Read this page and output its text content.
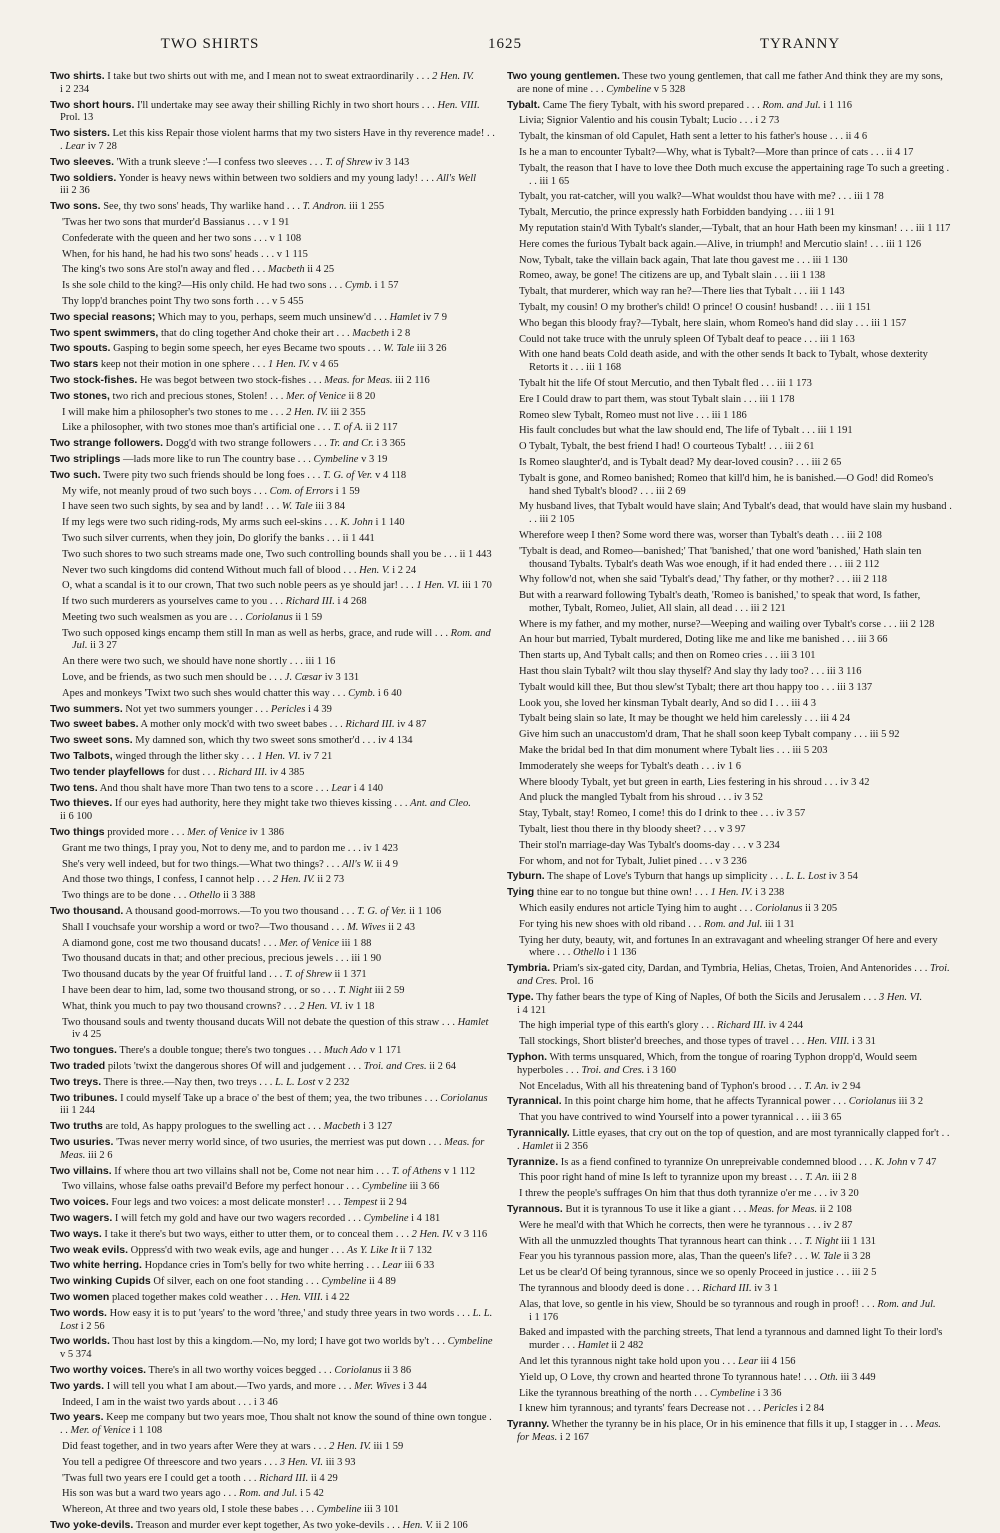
TWO SHIRTS	1625	TYRANNY
Two shirts. I take but two shirts out with me, and I mean not to sweat extraordinarily . . . 2 Hen. IV. i 2 234
Two short hours. I'll undertake may see away their shilling Richly in two short hours . . . Hen. VIII. Prol. 13
Two sisters. Let this kiss Repair those violent harms that my two sisters Have in thy reverence made! . . . Lear iv 7 28
Two sleeves. 'With a trunk sleeve :'—I confess two sleeves . . . T. of Shrew iv 3 143
Two soldiers. Yonder is heavy news within between two soldiers and my young lady! . . . All's Well iii 2 36
Two sons. See, thy two sons' heads, Thy warlike hand . . . T. Andron. iii 1 255
'Twas her two sons that murder'd Bassianus . . . v 1 91
Confederate with the queen and her two sons . . . v 1 108
When, for his hand, he had his two sons' heads . . . v 1 115
The king's two sons Are stol'n away and fled . . . Macbeth ii 4 25
Is she sole child to the king?—His only child. He had two sons . . . Cymb. i 1 57
Thy lopp'd branches point Thy two sons forth . . . v 5 455
Two special reasons; Which may to you, perhaps, seem much unsinew'd . . . Hamlet iv 7 9
Two spent swimmers, that do cling together And choke their art . . . Macbeth i 2 8
Two spouts. Gasping to begin some speech, her eyes Became two spouts . . . W. Tale iii 3 26
Two stars keep not their motion in one sphere . . . 1 Hen. IV. v 4 65
Two stock-fishes. He was begot between two stock-fishes . . . Meas. for Meas. iii 2 116
Two stones, two rich and precious stones, Stolen! . . . Mer. of Venice ii 8 20
I will make him a philosopher's two stones to me . . . 2 Hen. IV. iii 2 355
Like a philosopher, with two stones moe than's artificial one . . . T. of A. ii 2 117
Two strange followers. Dogg'd with two strange followers . . . Tr. and Cr. i 3 365
Two striplings —lads more like to run The country base . . . Cymbeline v 3 19
Two such. Twere pity two such friends should be long foes . . . T. G. of Ver. v 4 118
My wife, not meanly proud of two such boys . . . Com. of Errors i 1 59
I have seen two such sights, by sea and by land! . . . W. Tale iii 3 84
If my legs were two such riding-rods, My arms such eel-skins . . . K. John i 1 140
Two such silver currents, when they join, Do glorify the banks . . . ii 1 441
Two such shores to two such streams made one, Two such controlling bounds shall you be . . . ii 1 443
Never two such kingdoms did contend Without much fall of blood . . . Hen. V. i 2 24
O, what a scandal is it to our crown, That two such noble peers as ye should jar! . . . 1 Hen. VI. iii 1 70
If two such murderers as yourselves came to you . . . Richard III. i 4 268
Meeting two such wealsmen as you are . . . Coriolanus ii 1 59
Two such opposed kings encamp them still In man as well as herbs, grace, and rude will . . . Rom. and Jul. ii 3 27
An there were two such, we should have none shortly . . . iii 1 16
Love, and be friends, as two such men should be . . . J. Cæsar iv 3 131
Apes and monkeys 'Twixt two such shes would chatter this way . . . Cymb. i 6 40
Two summers. Not yet two summers younger . . . Pericles i 4 39
Two sweet babes. A mother only mock'd with two sweet babes . . . Richard III. iv 4 87
Two sweet sons. My damned son, which thy two sweet sons smother'd . . . iv 4 134
Two Talbots, winged through the lither sky . . . 1 Hen. VI. iv 7 21
Two tender playfellows for dust . . . Richard III. iv 4 385
Two tens. And thou shalt have more Than two tens to a score . . . Lear i 4 140
Two thieves. If our eyes had authority, here they might take two thieves kissing . . . Ant. and Cleo. ii 6 100
Two things provided more . . . Mer. of Venice iv 1 386
Grant me two things, I pray you, Not to deny me, and to pardon me . . . iv 1 423
She's very well indeed, but for two things.—What two things? . . . All's W. ii 4 9
And those two things, I confess, I cannot help . . . 2 Hen. IV. ii 2 73
Two things are to be done . . . Othello ii 3 388
Two thousand. A thousand good-morrows.—To you two thousand . . . T. G. of Ver. ii 1 106
Shall I vouchsafe your worship a word or two?—Two thousand . . . M. Wives ii 2 43
A diamond gone, cost me two thousand ducats! . . . Mer. of Venice iii 1 88
Two thousand ducats in that; and other precious, precious jewels . . . iii 1 90
Two thousand ducats by the year Of fruitful land . . . T. of Shrew ii 1 371
I have been dear to him, lad, some two thousand strong, or so . . . T. Night iii 2 59
What, think you much to pay two thousand crowns? . . . 2 Hen. VI. iv 1 18
Two thousand souls and twenty thousand ducats Will not debate the question of this straw . . . Hamlet iv 4 25
Two tongues. There's a double tongue; there's two tongues . . . Much Ado v 1 171
Two traded pilots 'twixt the dangerous shores Of will and judgement . . . Troi. and Cres. ii 2 64
Two treys. There is three.—Nay then, two treys . . . L. L. Lost v 2 232
Two tribunes. I could myself Take up a brace o' the best of them; yea, the two tribunes . . . Coriolanus iii 1 244
Two truths are told, As happy prologues to the swelling act . . . Macbeth i 3 127
Two usuries. 'Twas never merry world since, of two usuries, the merriest was put down . . . Meas. for Meas. iii 2 6
Two villains. If where thou art two villains shall not be, Come not near him . . . T. of Athens v 1 112
Two villains, whose false oaths prevail'd Before my perfect honour . . . Cymbeline iii 3 66
Two voices. Four legs and two voices: a most delicate monster! . . . Tempest ii 2 94
Two wagers. I will fetch my gold and have our two wagers recorded . . . Cymbeline i 4 181
Two ways. I take it there's but two ways, either to utter them, or to conceal them . . . 2 Hen. IV. v 3 116
Two weak evils. Oppress'd with two weak evils, age and hunger . . . As Y. Like It ii 7 132
Two white herring. Hopdance cries in Tom's belly for two white herring . . . Lear iii 6 33
Two winking Cupids Of silver, each on one foot standing . . . Cymbeline ii 4 89
Two women placed together makes cold weather . . . Hen. VIII. i 4 22
Two words. How easy it is to put 'years' to the word 'three,' and study three years in two words . . . L. L. Lost i 2 56
Two worlds. Thou hast lost by this a kingdom.—No, my lord; I have got two worlds by't . . . Cymbeline v 5 374
Two worthy voices. There's in all two worthy voices begged . . . Coriolanus ii 3 86
Two yards. I will tell you what I am about.—Two yards, and more . . . Mer. Wives i 3 44
Indeed, I am in the waist two yards about . . . i 3 46
Two years. Keep me company but two years moe, Thou shalt not know the sound of thine own tongue . . . Mer. of Venice i 1 108
Did feast together, and in two years after Were they at wars . . . 2 Hen. IV. iii 1 59
You tell a pedigree Of threescore and two years . . . 3 Hen. VI. iii 3 93
'Twas full two years ere I could get a tooth . . . Richard III. ii 4 29
His son was but a ward two years ago . . . Rom. and Jul. i 5 42
Whereon, At three and two years old, I stole these babes . . . Cymbeline iii 3 101
Two yoke-devils. Treason and murder ever kept together, As two yoke-devils . . . Hen. V. ii 2 106
Two young gentlemen. These two young gentlemen, that call me father And think they are my sons, are none of mine . . . Cymbeline v 5 328
Tybalt. Came The fiery Tybalt, with his sword prepared . . . Rom. and Jul. i 1 116
Livia; Signior Valentio and his cousin Tybalt; Lucio . . . i 2 73
Tybalt, the kinsman of old Capulet, Hath sent a letter to his father's house . . . ii 4 6
Is he a man to encounter Tybalt?—Why, what is Tybalt?—More than prince of cats . . . ii 4 17
Tybalt, the reason that I have to love thee Doth much excuse the appertaining rage To such a greeting . . . iii 1 65
Tybalt, you rat-catcher, will you walk?—What wouldst thou have with me? . . . iii 1 78
Tybalt, Mercutio, the prince expressly hath Forbidden bandying . . . iii 1 91
My reputation stain'd With Tybalt's slander,—Tybalt, that an hour Hath been my kinsman! . . . iii 1 117
Here comes the furious Tybalt back again.—Alive, in triumph! and Mercutio slain! . . . iii 1 126
Now, Tybalt, take the villain back again, That late thou gavest me . . . iii 1 130
Romeo, away, be gone! The citizens are up, and Tybalt slain . . . iii 1 138
Tybalt, that murderer, which way ran he?—There lies that Tybalt . . . iii 1 143
Tybalt, my cousin! O my brother's child! O prince! O cousin! husband! . . . iii 1 151
Who began this bloody fray?—Tybalt, here slain, whom Romeo's hand did slay . . . iii 1 157
Could not take truce with the unruly spleen Of Tybalt deaf to peace . . . iii 1 163
With one hand beats Cold death aside, and with the other sends It back to Tybalt, whose dexterity Retorts it . . . iii 1 168
Tybalt hit the life Of stout Mercutio, and then Tybalt fled . . . iii 1 173
Ere I Could draw to part them, was stout Tybalt slain . . . iii 1 178
Romeo slew Tybalt, Romeo must not live . . . iii 1 186
His fault concludes but what the law should end, The life of Tybalt . . . iii 1 191
O Tybalt, Tybalt, the best friend I had! O courteous Tybalt! . . . iii 2 61
Is Romeo slaughter'd, and is Tybalt dead? My dear-loved cousin? . . . iii 2 65
Tybalt is gone, and Romeo banished; Romeo that kill'd him, he is banished.—O God! did Romeo's hand shed Tybalt's blood? . . . iii 2 69
My husband lives, that Tybalt would have slain; And Tybalt's dead, that would have slain my husband . . . iii 2 105
Wherefore weep I then? Some word there was, worser than Tybalt's death . . . iii 2 108
'Tybalt is dead, and Romeo—banished;' That 'banished,' that one word 'banished,' Hath slain ten thousand Tybalts. Tybalt's death Was woe enough, if it had ended there . . . iii 2 112
Why follow'd not, when she said 'Tybalt's dead,' Thy father, or thy mother? . . . iii 2 118
But with a rearward following Tybalt's death, 'Romeo is banished,' to speak that word, Is father, mother, Tybalt, Romeo, Juliet, All slain, all dead . . . iii 2 121
Where is my father, and my mother, nurse?—Weeping and wailing over Tybalt's corse . . . iii 2 128
An hour but married, Tybalt murdered, Doting like me and like me banished . . . iii 3 66
Then starts up, And Tybalt calls; and then on Romeo cries . . . iii 3 101
Hast thou slain Tybalt? wilt thou slay thyself? And slay thy lady too? . . . iii 3 116
Tybalt would kill thee, But thou slew'st Tybalt; there art thou happy too . . . iii 3 137
Look you, she loved her kinsman Tybalt dearly, And so did I . . . iii 4 3
Tybalt being slain so late, It may be thought we held him carelessly . . . iii 4 24
Give him such an unaccustom'd dram, That he shall soon keep Tybalt company . . . iii 5 92
Make the bridal bed In that dim monument where Tybalt lies . . . iii 5 203
Immoderately she weeps for Tybalt's death . . . iv 1 6
Where bloody Tybalt, yet but green in earth, Lies festering in his shroud . . . iv 3 42
And pluck the mangled Tybalt from his shroud . . . iv 3 52
Stay, Tybalt, stay! Romeo, I come! this do I drink to thee . . . iv 3 57
Tybalt, liest thou there in thy bloody sheet? . . . v 3 97
Their stol'n marriage-day Was Tybalt's dooms-day . . . v 3 234
For whom, and not for Tybalt, Juliet pined . . . v 3 236
Tyburn. The shape of Love's Tyburn that hangs up simplicity . . . L. L. Lost iv 3 54
Tying thine ear to no tongue but thine own! . . . 1 Hen. IV. i 3 238
Which easily endures not article Tying him to aught . . . Coriolanus ii 3 205
For tying his new shoes with old riband . . . Rom. and Jul. iii 1 31
Tying her duty, beauty, wit, and fortunes In an extravagant and wheeling stranger Of here and every where . . . Othello i 1 136
Tymbria. Priam's six-gated city, Dardan, and Tymbria, Helias, Chetas, Troien, And Antenorides . . . Troi. and Cres. Prol. 16
Type. Thy father bears the type of King of Naples, Of both the Sicils and Jerusalem . . . 3 Hen. VI. i 4 121
The high imperial type of this earth's glory . . . Richard III. iv 4 244
Tall stockings, Short blister'd breeches, and those types of travel . . . Hen. VIII. i 3 31
Typhon. With terms unsquared, Which, from the tongue of roaring Typhon dropp'd, Would seem hyperboles . . . Troi. and Cres. i 3 160
Not Enceladus, With all his threatening band of Typhon's brood . . . T. An. iv 2 94
Tyrannical. In this point charge him home, that he affects Tyrannical power . . . Coriolanus iii 3 2
That you have contrived to wind Yourself into a power tyrannical . . . iii 3 65
Tyrannically. Little eyases, that cry out on the top of question, and are most tyrannically clapped for't . . . Hamlet ii 2 356
Tyrannize. Is as a fiend confined to tyrannize On unrepreivable condemned blood . . . K. John v 7 47
This poor right hand of mine Is left to tyrannize upon my breast . . . T. An. iii 2 8
I threw the people's suffrages On him that thus doth tyrannize o'er me . . . iv 3 20
Tyrannous. But it is tyrannous To use it like a giant . . . Meas. for Meas. ii 2 108
Were he meal'd with that Which he corrects, then were he tyrannous . . . iv 2 87
With all the unmuzzled thoughts That tyrannous heart can think . . . T. Night iii 1 131
Fear you his tyrannous passion more, alas, Than the queen's life? . . . W. Tale ii 3 28
Let us be clear'd Of being tyrannous, since we so openly Proceed in justice . . . iii 2 5
The tyrannous and bloody deed is done . . . Richard III. iv 3 1
Alas, that love, so gentle in his view, Should be so tyrannous and rough in proof! . . . Rom. and Jul. i 1 176
Baked and impasted with the parching streets, That lend a tyrannous and damned light To their lord's murder . . . Hamlet ii 2 482
And let this tyrannous night take hold upon you . . . Lear iii 4 156
Yield up, O Love, thy crown and hearted throne To tyrannous hate! . . . Oth. iii 3 449
Like the tyrannous breathing of the north . . . Cymbeline i 3 36
I knew him tyrannous; and tyrants' fears Decrease not . . . Pericles i 2 84
Tyranny. Whether the tyranny be in his place, Or in his eminence that fills it up, I stagger in . . . Meas. for Meas. i 2 167
